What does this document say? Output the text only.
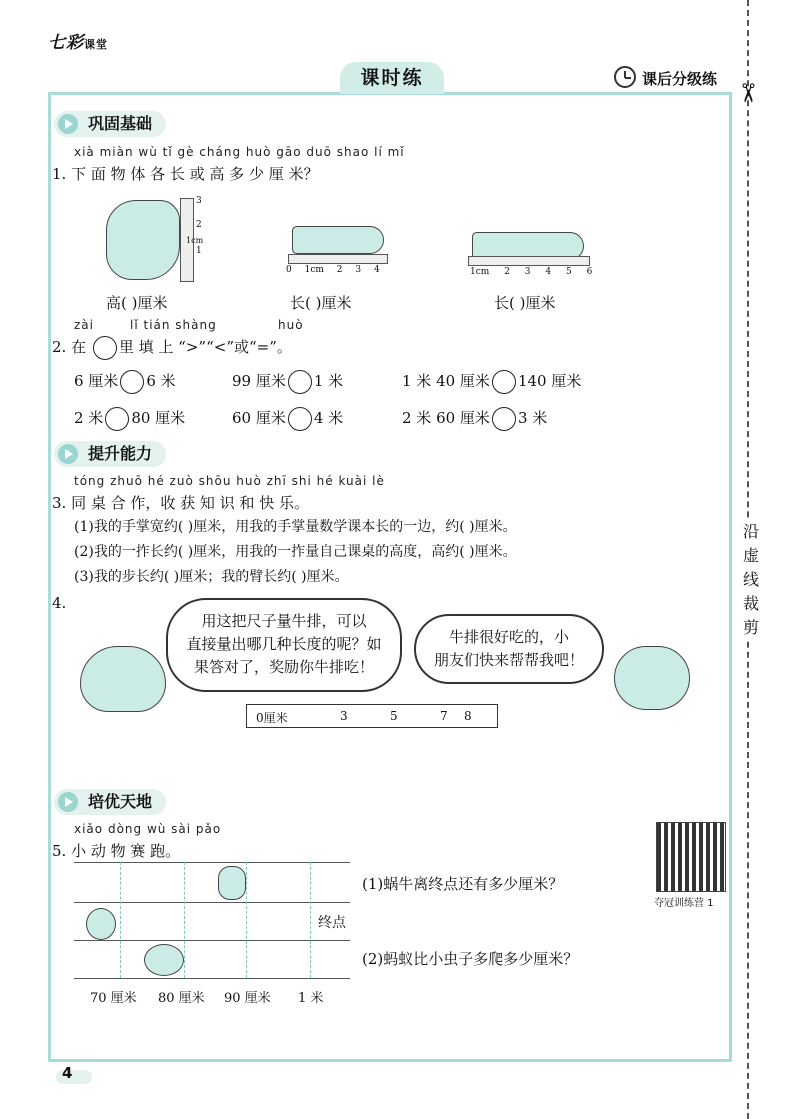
七彩课堂
课时练	课后分级练
✂
沿
虚
线
裁
剪
巩固基础
xià miàn wù tǐ gè cháng huò gāo duō shao lí mǐ
1. 下 面 物 体 各 长 或 高 多 少 厘 米？
3
2
1cm
1
0 1cm 2 3 4	1cm 2 3 4 5 6
高( )厘米	长( )厘米	长( )厘米
zài	lǐ tián shàng	huò
2. 在 里 填 上 “>”“<”或“=”。
6 厘米 6 米	99 厘米 1 米	1 米 40 厘米 140 厘米
2 米 80 厘米	60 厘米 4 米	2 米 60 厘米 3 米
提升能力
tóng zhuō hé zuò shōu huò zhī shi hé kuài lè
3. 同 桌 合 作，收 获 知 识 和 快 乐。
(1)我的手掌宽约( )厘米，用我的手掌量数学课本长的一边，约( )厘米。
(2)我的一拃长约( )厘米，用我的一拃量自己课桌的高度，高约( )厘米。
(3)我的步长约( )厘米；我的臂长约( )厘米。
4.
用这把尺子量牛排，可以
直接量出哪几种长度的呢？如
果答对了，奖励你牛排吃！
牛排很好吃的，小
朋友们快来帮帮我吧！
0厘米	3	5	7 8
培优天地
xiǎo dòng wù sài pǎo
5. 小 动 物 赛 跑。
终点
70 厘米 80 厘米 90 厘米 1 米
(1)蜗牛离终点还有多少厘米？
(2)蚂蚁比小虫子多爬多少厘米？
夺冠训练营 1
4
